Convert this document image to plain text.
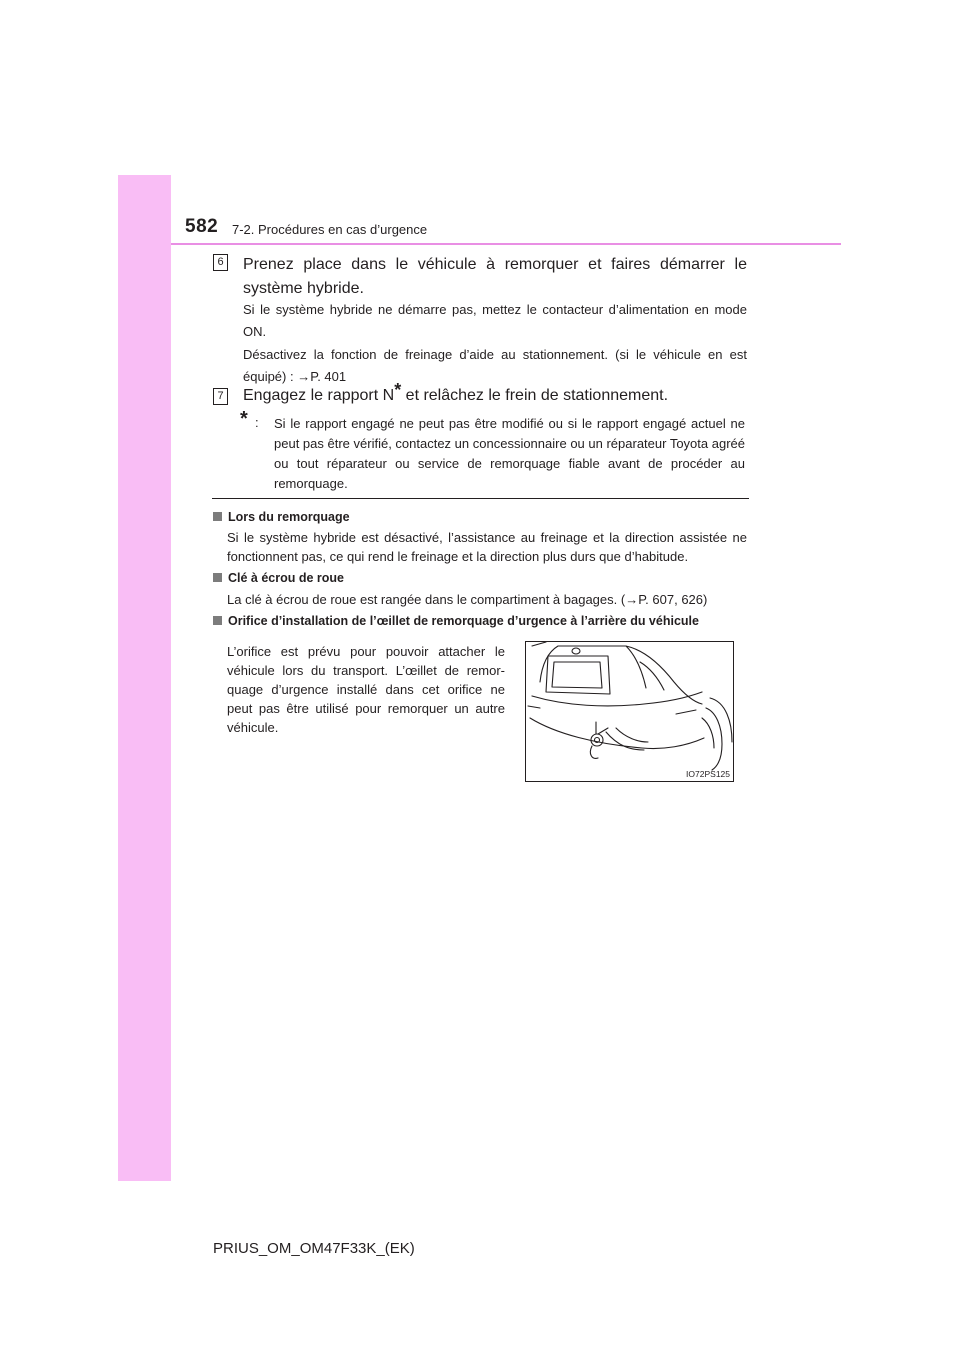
582 7-2. Procédures en cas d’urgence
6 Prenez place dans le véhicule à remorquer et faires démarrer le système hybride.
Si le système hybride ne démarre pas, mettez le contacteur d’alimentation en mode ON.
Désactivez la fonction de freinage d’aide au stationnement. (si le véhicule en est équipé) : →P. 401
7 Engagez le rapport N* et relâchez le frein de stationnement.
* : Si le rapport engagé ne peut pas être modifié ou si le rapport engagé actuel ne peut pas être vérifié, contactez un concessionnaire ou un réparateur Toyota agréé ou tout réparateur ou service de remorquage fiable avant de procéder au remorquage.
Lors du remorquage
Si le système hybride est désactivé, l’assistance au freinage et la direction assistée ne fonctionnent pas, ce qui rend le freinage et la direction plus durs que d’habitude.
Clé à écrou de roue
La clé à écrou de roue est rangée dans le compartiment à bagages. (→P. 607, 626)
Orifice d’installation de l’œillet de remorquage d’urgence à l’arrière du véhicule
L’orifice est prévu pour pouvoir attacher le véhicule lors du transport. L’œillet de remor-quage d’urgence installé dans cet orifice ne peut pas être utilisé pour remorquer un autre véhicule.
IO72PS125
PRIUS_OM_OM47F33K_(EK)
